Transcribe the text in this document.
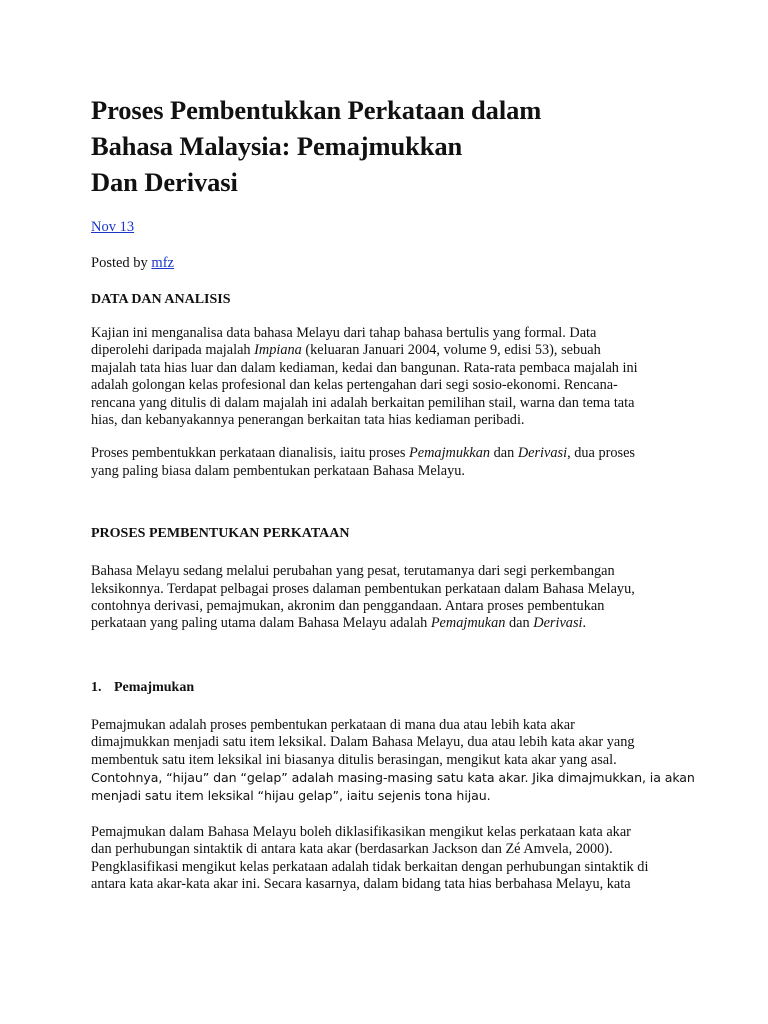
Proses Pembentukkan Perkataan dalam
Bahasa Malaysia: Pemajmukkan
Dan Derivasi
Nov 13
Posted by mfz
DATA DAN ANALISIS

Kajian ini menganalisa data bahasa Melayu dari tahap bahasa bertulis yang formal. Data
diperolehi daripada majalah Impiana (keluaran Januari 2004, volume 9, edisi 53), sebuah
majalah tata hias luar dan dalam kediaman, kedai dan bangunan. Rata-rata pembaca majalah ini
adalah golongan kelas profesional dan kelas pertengahan dari segi sosio-ekonomi. Rencana-
rencana yang ditulis di dalam majalah ini adalah berkaitan pemilihan stail, warna dan tema tata
hias, dan kebanyakannya penerangan berkaitan tata hias kediaman peribadi.

Proses pembentukkan perkataan dianalisis, iaitu proses Pemajmukkan dan Derivasi, dua proses
yang paling biasa dalam pembentukan perkataan Bahasa Melayu.

PROSES PEMBENTUKAN PERKATAAN

Bahasa Melayu sedang melalui perubahan yang pesat, terutamanya dari segi perkembangan
leksikonnya. Terdapat pelbagai proses dalaman pembentukan perkataan dalam Bahasa Melayu,
contohnya derivasi, pemajmukan, akronim dan penggandaan. Antara proses pembentukan
perkataan yang paling utama dalam Bahasa Melayu adalah Pemajmukan dan Derivasi.

1. Pemajmukan

Pemajmukan adalah proses pembentukan perkataan di mana dua atau lebih kata akar
dimajmukkan menjadi satu item leksikal. Dalam Bahasa Melayu, dua atau lebih kata akar yang
membentuk satu item leksikal ini biasanya ditulis berasingan, mengikut kata akar yang asal.
Contohnya, “hijau” dan “gelap” adalah masing-masing satu kata akar. Jika dimajmukkan, ia akan
menjadi satu item leksikal “hijau gelap”, iaitu sejenis tona hijau.

Pemajmukan dalam Bahasa Melayu boleh diklasifikasikan mengikut kelas perkataan kata akar
dan perhubungan sintaktik di antara kata akar (berdasarkan Jackson dan Zé Amvela, 2000).
Pengklasifikasi mengikut kelas perkataan adalah tidak berkaitan dengan perhubungan sintaktik di
antara kata akar-kata akar ini. Secara kasarnya, dalam bidang tata hias berbahasa Melayu, kata
